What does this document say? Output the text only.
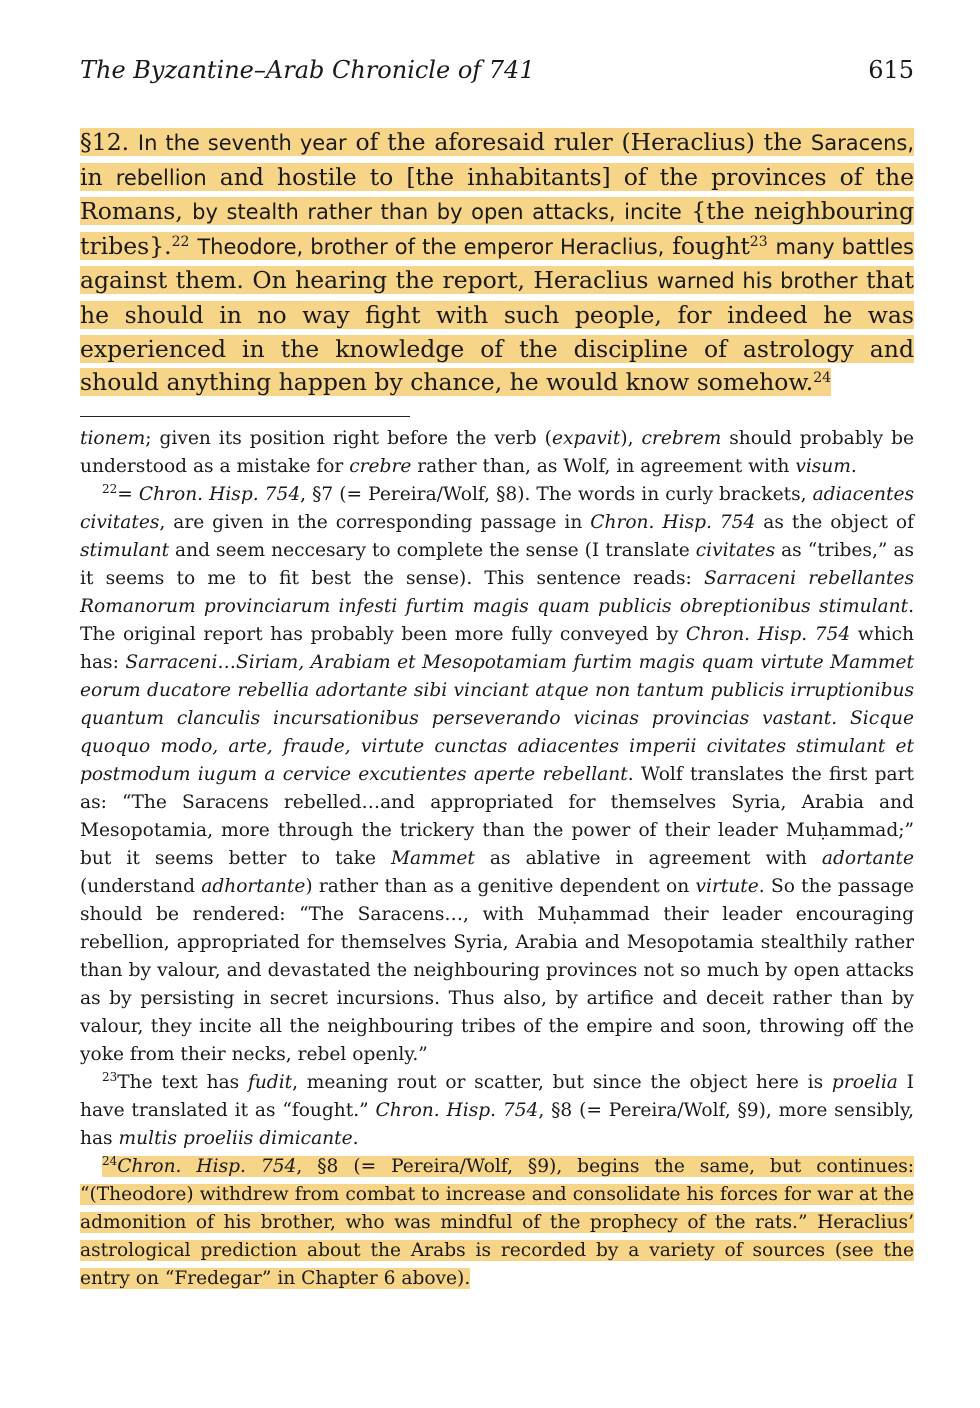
The Byzantine–Arab Chronicle of 741	615
§12. In the seventh year of the aforesaid ruler (Heraclius) the Saracens, in rebellion and hostile to [the inhabitants] of the provinces of the Romans, by stealth rather than by open attacks, incite {the neighbouring tribes}.$^{22}$ Theodore, brother of the emperor Heraclius, fought$^{23}$ many battles against them. On hearing the report, Heraclius warned his brother that he should in no way fight with such people, for indeed he was experienced in the knowledge of the discipline of astrology and should anything happen by chance, he would know somehow.$^{24}$

tionem; given its position right before the verb (expavit), crebrem should probably be understood as a mistake for crebre rather than, as Wolf, in agreement with visum.

$^{22}$= Chron. Hisp. 754, §7 (= Pereira/Wolf, §8). The words in curly brackets, adiacentes civitates, are given in the corresponding passage in Chron. Hisp. 754 as the object of stimulant and seem neccesary to complete the sense (I translate civitates as “tribes,” as it seems to me to fit best the sense). This sentence reads: Sarraceni rebellantes Romanorum provinciarum infesti furtim magis quam publicis obreptionibus stimulant. The original report has probably been more fully conveyed by Chron. Hisp. 754 which has: Sarraceni…Siriam, Arabiam et Mesopotamiam furtim magis quam virtute Mammet eorum ducatore rebellia adortante sibi vinciant atque non tantum publicis irruptionibus quantum clanculis incursationibus perseverando vicinas provincias vastant. Sicque quoquo modo, arte, fraude, virtute cunctas adiacentes imperii civitates stimulant et postmodum iugum a cervice excutientes aperte rebellant. Wolf translates the first part as: “The Saracens rebelled…and appropriated for themselves Syria, Arabia and Mesopotamia, more through the trickery than the power of their leader Muḥammad;” but it seems better to take Mammet as ablative in agreement with adortante (understand adhortante) rather than as a genitive dependent on virtute. So the passage should be rendered: “The Saracens…, with Muḥammad their leader encouraging rebellion, appropriated for themselves Syria, Arabia and Mesopotamia stealthily rather than by valour, and devastated the neighbouring provinces not so much by open attacks as by persisting in secret incursions. Thus also, by artifice and deceit rather than by valour, they incite all the neighbouring tribes of the empire and soon, throwing off the yoke from their necks, rebel openly.”

$^{23}$The text has fudit, meaning rout or scatter, but since the object here is proelia I have translated it as “fought.” Chron. Hisp. 754, §8 (= Pereira/Wolf, §9), more sensibly, has multis proeliis dimicante.

$^{24}$Chron. Hisp. 754, §8 (= Pereira/Wolf, §9), begins the same, but continues: “(Theodore) withdrew from combat to increase and consolidate his forces for war at the admonition of his brother, who was mindful of the prophecy of the rats.” Heraclius’ astrological prediction about the Arabs is recorded by a variety of sources (see the entry on “Fredegar” in Chapter 6 above).
